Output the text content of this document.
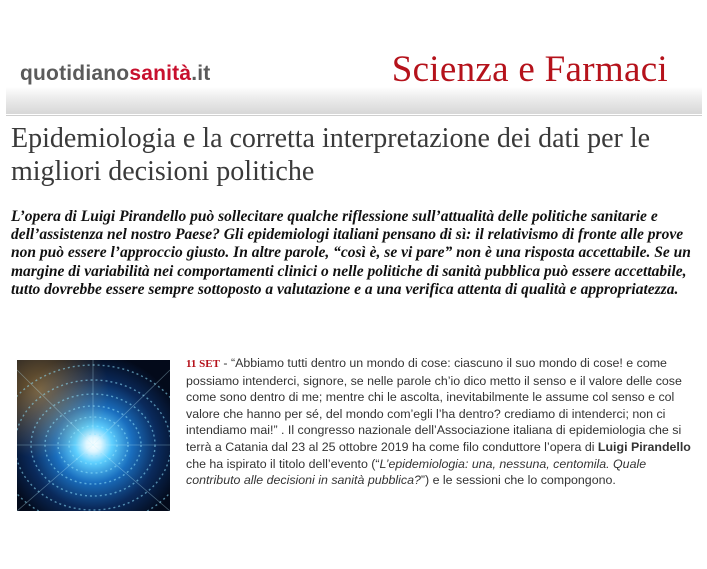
quotidianosanità.it	Scienza e Farmaci
Epidemiologia e la corretta interpretazione dei dati per le migliori decisioni politiche

L’opera di Luigi Pirandello può sollecitare qualche riflessione sull’attualità delle politiche sanitarie e dell’assistenza nel nostro Paese? Gli epidemiologi italiani pensano di sì: il relativismo di fronte alle prove non può essere l’approccio giusto. In altre parole, “così è, se vi pare” non è una risposta accettabile. Se un margine di variabilità nei comportamenti clinici o nelle politiche di sanità pubblica può essere accettabile, tutto dovrebbe essere sempre sottoposto a valutazione e a una verifica attenta di qualità e appropriatezza.

11 SET - “Abbiamo tutti dentro un mondo di cose: ciascuno il suo mondo di cose! e come possiamo intenderci, signore, se nelle parole ch’io dico metto il senso e il valore delle cose come sono dentro di me; mentre chi le ascolta, inevitabilmente le assume col senso e col valore che hanno per sé, del mondo com’egli l’ha dentro? crediamo di intenderci; non ci intendiamo mai!” . Il congresso nazionale dell’Associazione italiana di epidemiologia che si terrà a Catania dal 23 al 25 ottobre 2019 ha come filo conduttore l’opera di Luigi Pirandello che ha ispirato il titolo dell’evento (“L’epidemiologia: una, nessuna, centomila. Quale contributo alle decisioni in sanità pubblica?”) e le sessioni che lo compongono.
